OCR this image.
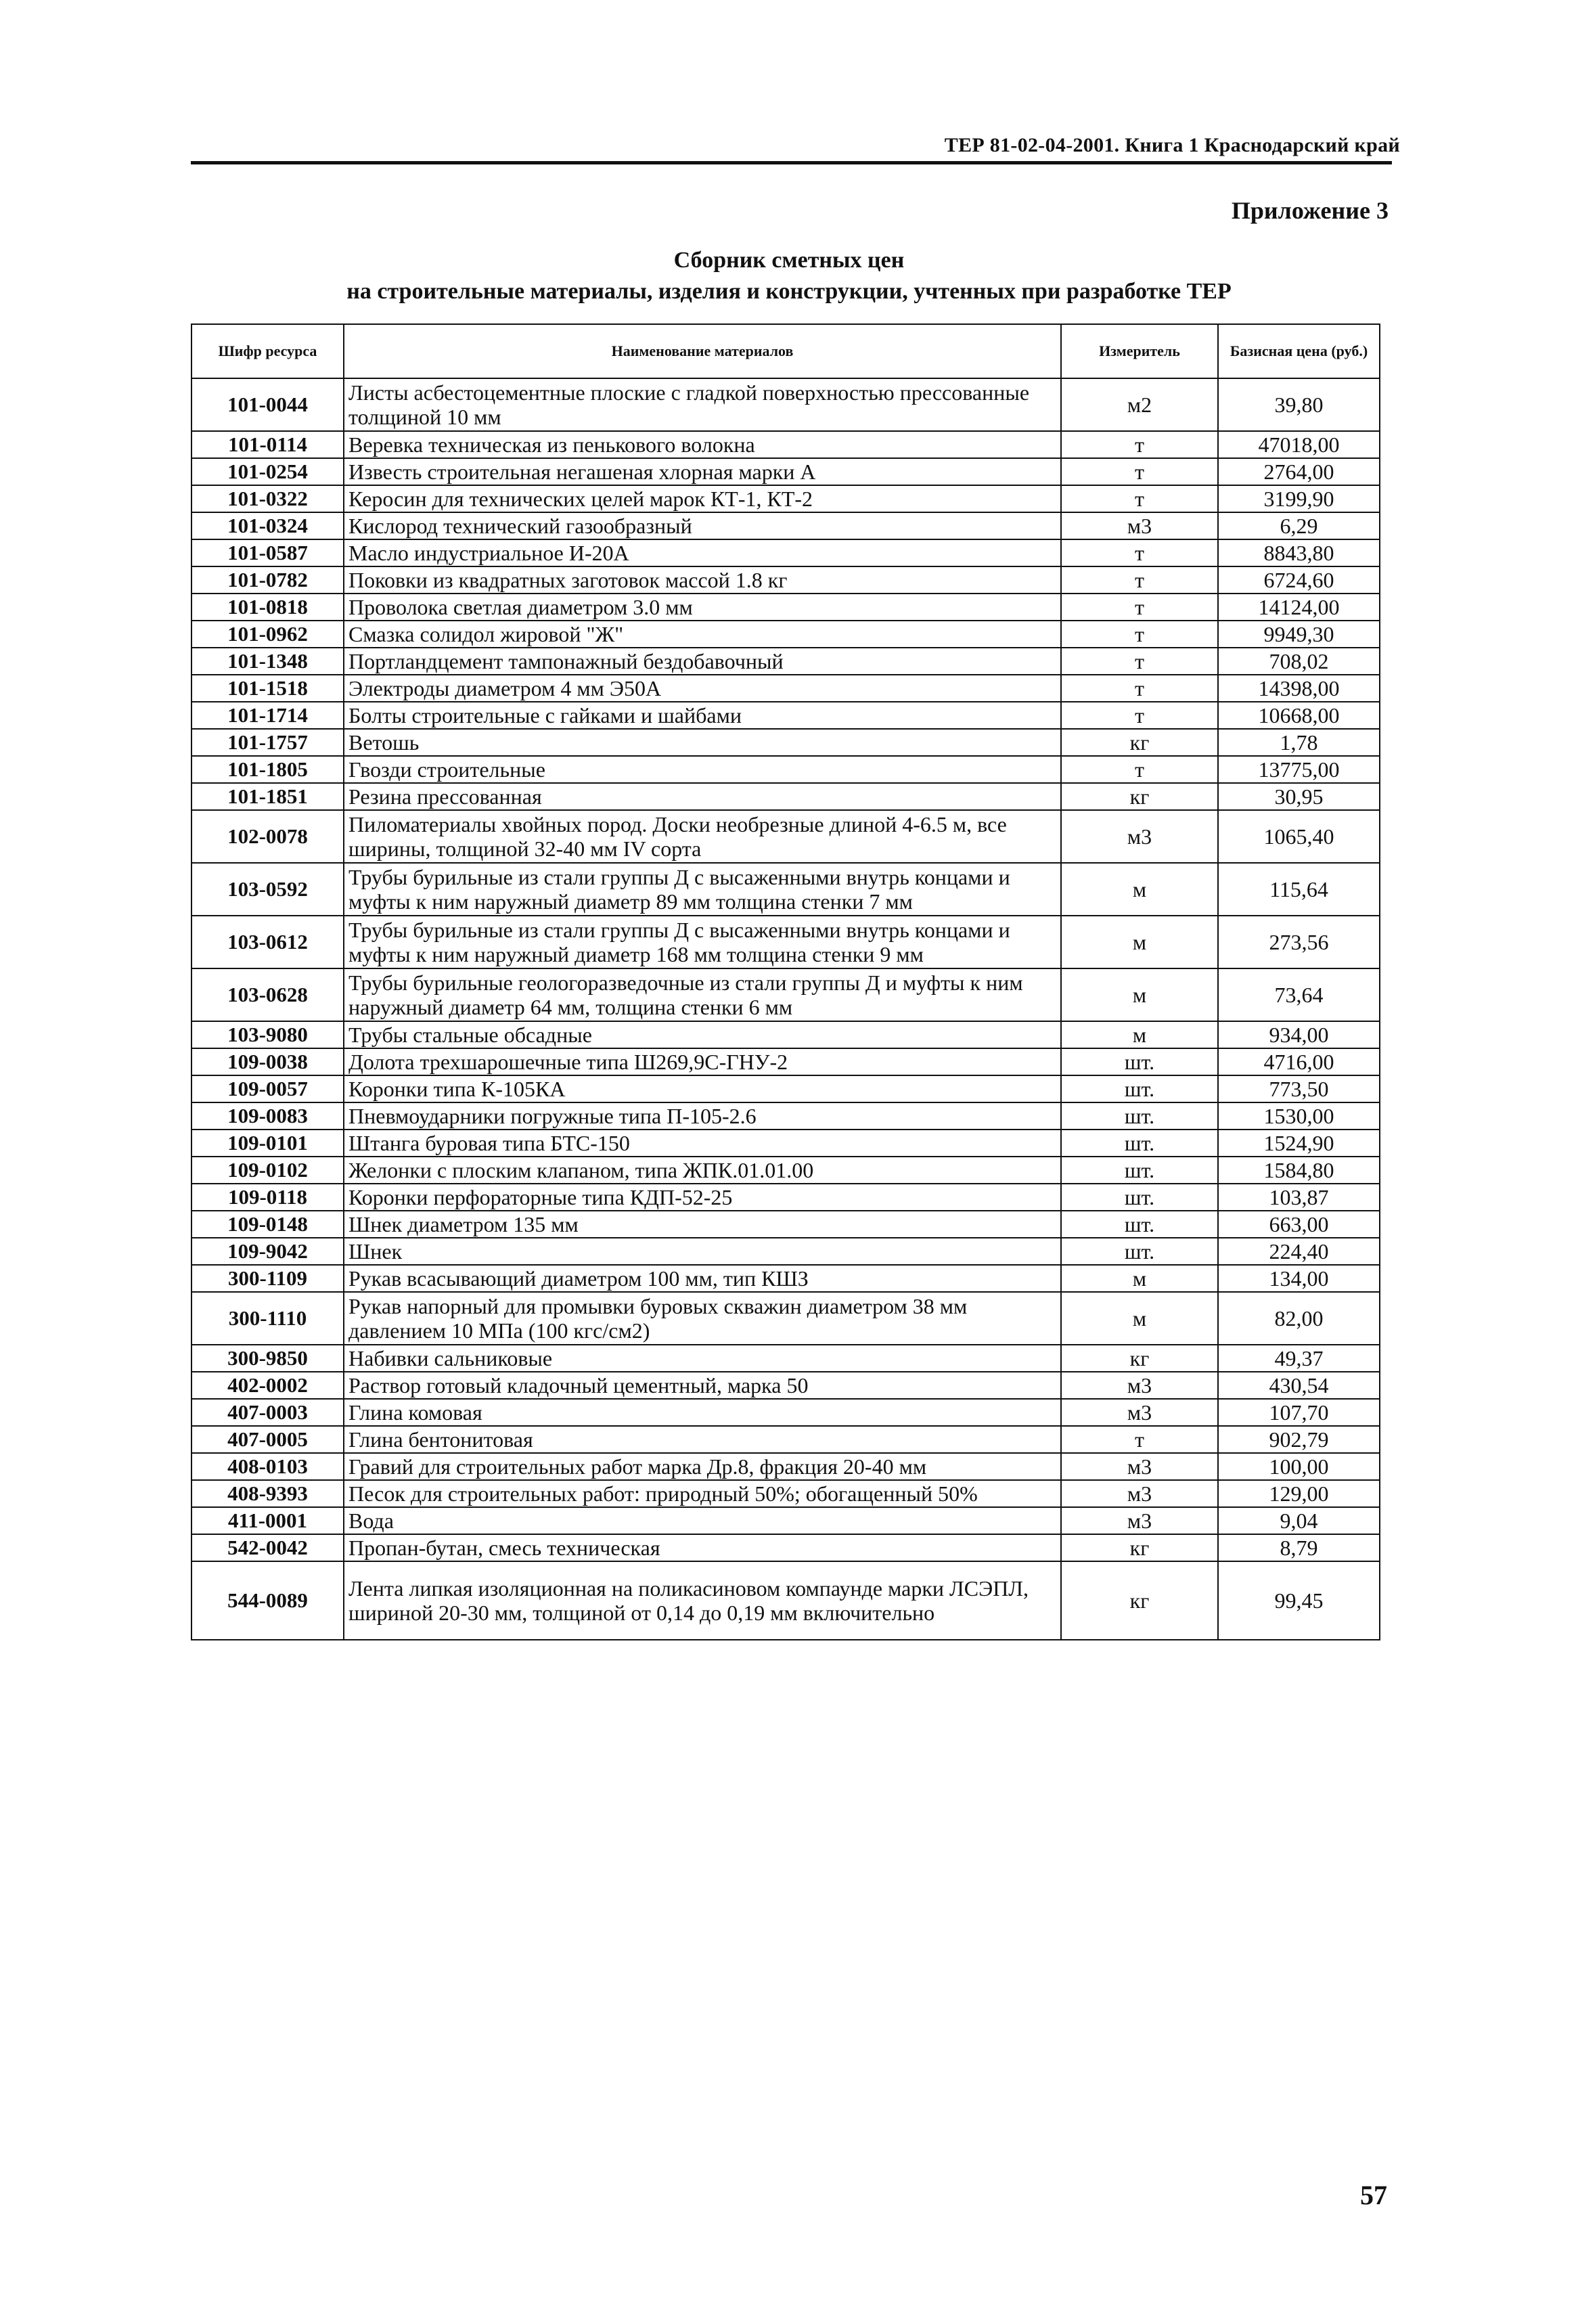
ТЕР 81-02-04-2001. Книга 1 Краснодарский край
Приложение 3
Сборник сметных цен
на строительные материалы, изделия и конструкции, учтенных при разработке ТЕР
Шифр ресурса	Наименование материалов	Измеритель	Базисная цена (руб.)
101-0044	Листы асбестоцементные плоские с гладкой поверхностью прессованные толщиной 10 мм	м2	39,80
101-0114	Веревка техническая из пенькового волокна	т	47018,00
101-0254	Известь строительная негашеная хлорная марки А	т	2764,00
101-0322	Керосин для технических целей марок КТ-1, КТ-2	т	3199,90
101-0324	Кислород технический газообразный	м3	6,29
101-0587	Масло индустриальное И-20А	т	8843,80
101-0782	Поковки из квадратных заготовок массой 1.8 кг	т	6724,60
101-0818	Проволока светлая диаметром 3.0 мм	т	14124,00
101-0962	Смазка солидол жировой "Ж"	т	9949,30
101-1348	Портландцемент тампонажный бездобавочный	т	708,02
101-1518	Электроды диаметром 4 мм Э50А	т	14398,00
101-1714	Болты строительные с гайками и шайбами	т	10668,00
101-1757	Ветошь	кг	1,78
101-1805	Гвозди строительные	т	13775,00
101-1851	Резина прессованная	кг	30,95
102-0078	Пиломатериалы хвойных пород. Доски необрезные длиной 4-6.5 м, все ширины, толщиной 32-40 мм IV сорта	м3	1065,40
103-0592	Трубы бурильные из стали группы Д с высаженными внутрь концами и муфты к ним наружный диаметр 89 мм толщина стенки 7 мм	м	115,64
103-0612	Трубы бурильные из стали группы Д с высаженными внутрь концами и муфты к ним наружный диаметр 168 мм толщина стенки 9 мм	м	273,56
103-0628	Трубы бурильные геологоразведочные из стали группы Д и муфты к ним наружный диаметр 64 мм, толщина стенки 6 мм	м	73,64
103-9080	Трубы стальные обсадные	м	934,00
109-0038	Долота трехшарошечные типа Ш269,9С-ГНУ-2	шт.	4716,00
109-0057	Коронки типа К-105КА	шт.	773,50
109-0083	Пневмоударники погружные типа П-105-2.6	шт.	1530,00
109-0101	Штанга буровая типа БТС-150	шт.	1524,90
109-0102	Желонки с плоским клапаном, типа ЖПК.01.01.00	шт.	1584,80
109-0118	Коронки перфораторные типа КДП-52-25	шт.	103,87
109-0148	Шнек диаметром 135 мм	шт.	663,00
109-9042	Шнек	шт.	224,40
300-1109	Рукав всасывающий диаметром 100 мм, тип КШЗ	м	134,00
300-1110	Рукав напорный для промывки буровых скважин диаметром 38 мм давлением 10 МПа (100 кгс/см2)	м	82,00
300-9850	Набивки сальниковые	кг	49,37
402-0002	Раствор готовый кладочный цементный, марка 50	м3	430,54
407-0003	Глина комовая	м3	107,70
407-0005	Глина бентонитовая	т	902,79
408-0103	Гравий для строительных работ марка Др.8, фракция 20-40 мм	м3	100,00
408-9393	Песок для строительных работ: природный 50%; обогащенный 50%	м3	129,00
411-0001	Вода	м3	9,04
542-0042	Пропан-бутан, смесь техническая	кг	8,79
544-0089	Лента липкая изоляционная на поликасиновом компаунде марки ЛСЭПЛ, шириной 20-30 мм, толщиной от 0,14 до 0,19 мм включительно	кг	99,45
57
